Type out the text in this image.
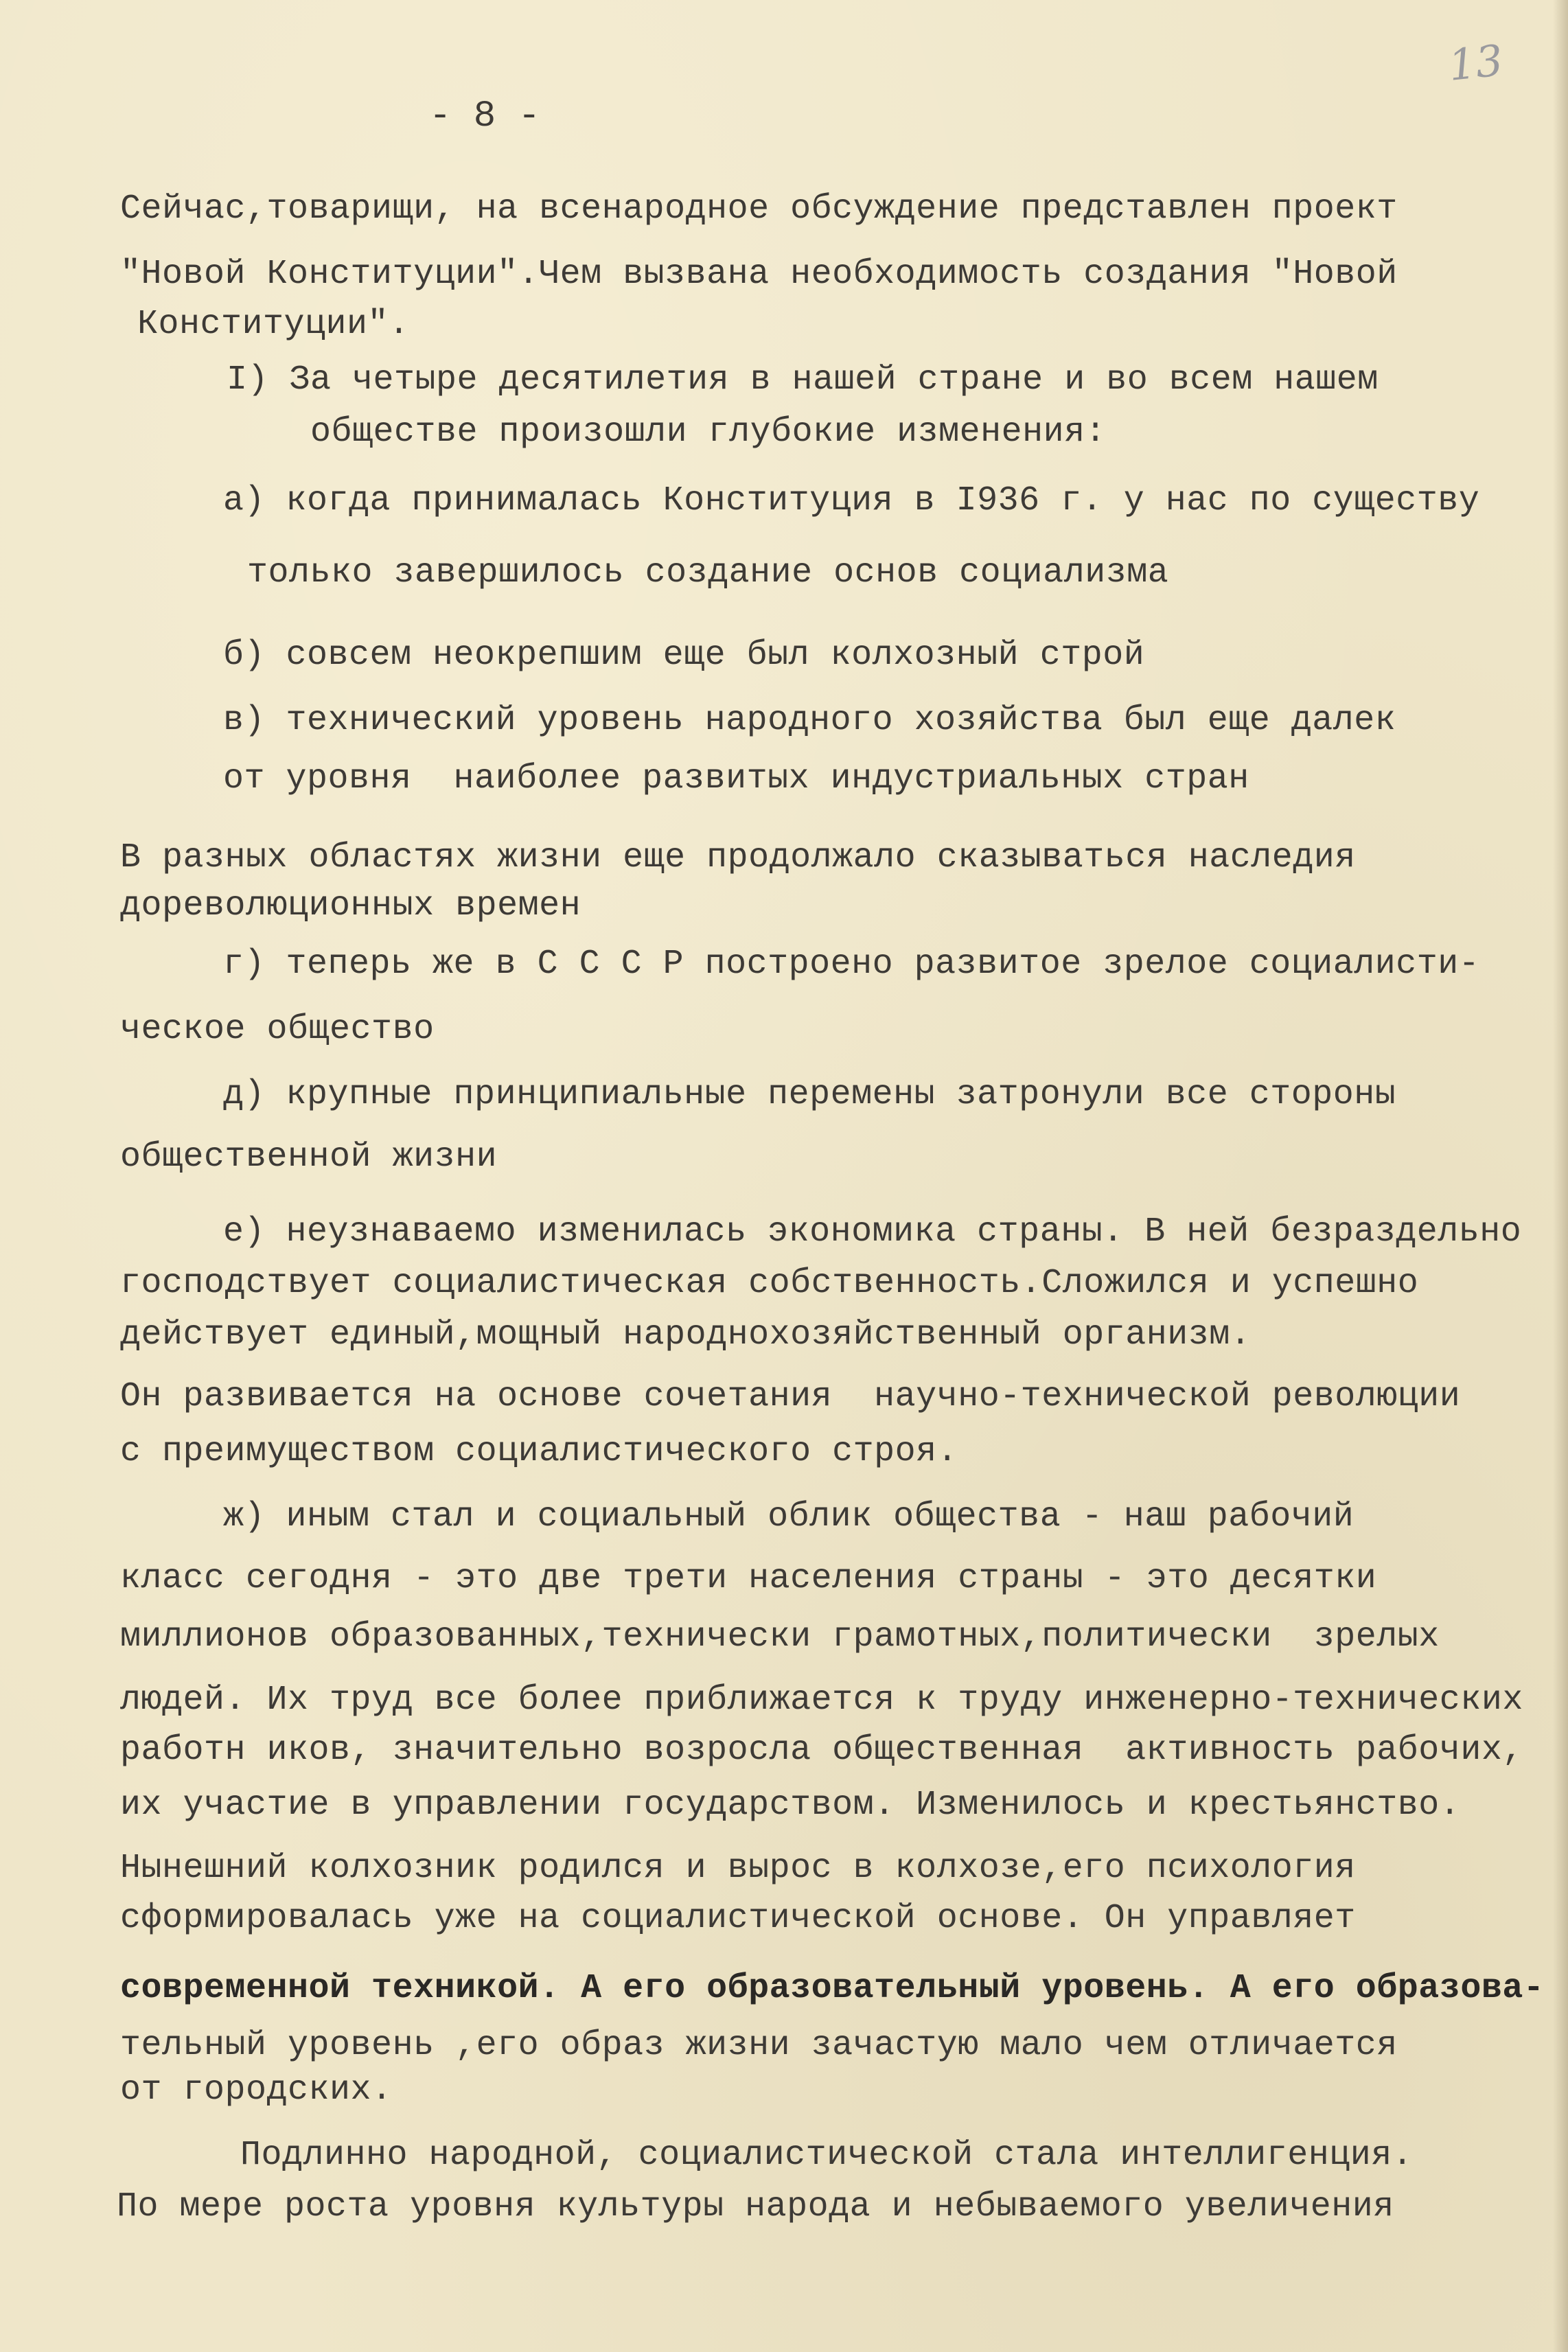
13
- 8 -
Сейчас,товарищи, на всенародное обсуждение представлен проект
"Новой Конституции".Чем вызвана необходимость создания "Новой
Конституции".
I) За четыре десятилетия в нашей стране и во всем нашем
обществе произошли глубокие изменения:
а) когда принималась Конституция в I936 г. у нас по существу
только завершилось создание основ социализма
б) совсем неокрепшим еще был колхозный строй
в) технический уровень народного хозяйства был еще далек
от уровня  наиболее развитых индустриальных стран
В разных областях жизни еще продолжало сказываться наследия
дореволюционных времен
г) теперь же в С С С Р построено развитое зрелое социалисти-
ческое общество
д) крупные принципиальные перемены затронули все стороны
общественной жизни
е) неузнаваемо изменилась экономика страны. В ней безраздельно
господствует социалистическая собственность.Сложился и успешно
действует единый,мощный народнохозяйственный организм.
Он развивается на основе сочетания  научно-технической революции
с преимуществом социалистического строя.
ж) иным стал и социальный облик общества - наш рабочий
класс сегодня - это две трети населения страны - это десятки
миллионов образованных,технически грамотных,политически  зрелых
людей. Их труд все более приближается к труду инженерно-технических
работн иков, значительно возросла общественная  активность рабочих,
их участие в управлении государством. Изменилось и крестьянство.
Нынешний колхозник родился и вырос в колхозе,его психология
сформировалась уже на социалистической основе. Он управляет
современной техникой. А его образовательный уровень. А его образова-
тельный уровень ,его образ жизни зачастую мало чем отличается
от городских.
Подлинно народной, социалистической стала интеллигенция.
По мере роста уровня культуры народа и небываемого увеличения
